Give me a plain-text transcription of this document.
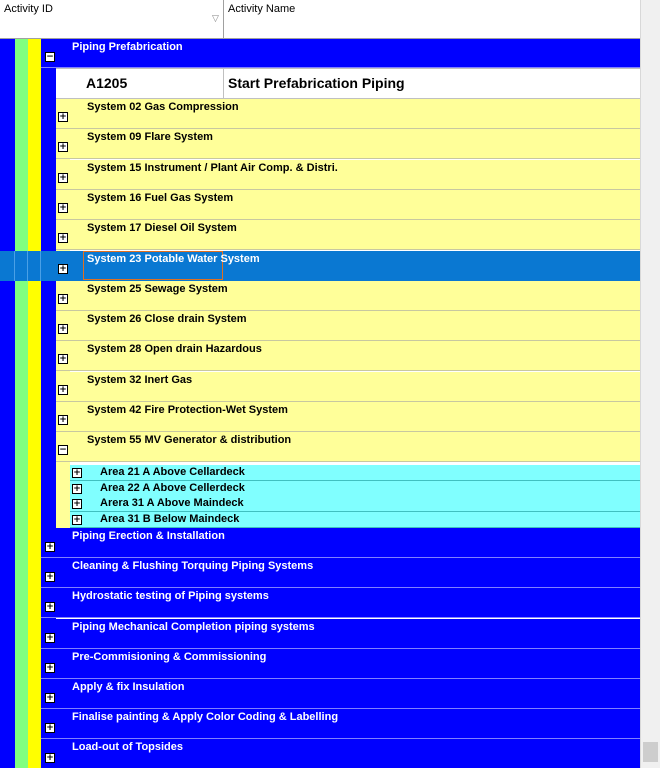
Activity ID
▽
Activity Name
−
Piping Prefabrication
A1205	Start Prefabrication Piping
+
System 02 Gas Compression
+
System 09 Flare System
+
System 15 Instrument / Plant Air Comp. & Distri.
+
System 16 Fuel Gas System
+
System 17 Diesel Oil System
+
System 23 Potable Water System
+
System 25 Sewage System
+
System 26 Close drain System
+
System 28 Open drain Hazardous
+
System 32 Inert Gas
+
System 42 Fire Protection-Wet System
−
System 55 MV Generator & distribution
+ Area 21 A Above Cellardeck
+ Area 22 A Above Cellerdeck
+ Arera 31 A Above Maindeck
+ Area 31 B Below Maindeck
+
Piping Erection & Installation
+
Cleaning & Flushing Torquing Piping Systems
+
Hydrostatic testing of Piping systems
+
Piping Mechanical Completion piping systems
+
Pre-Commisioning & Commissioning
+
Apply & fix Insulation
+
Finalise painting & Apply Color Coding & Labelling
+
Load-out of Topsides
